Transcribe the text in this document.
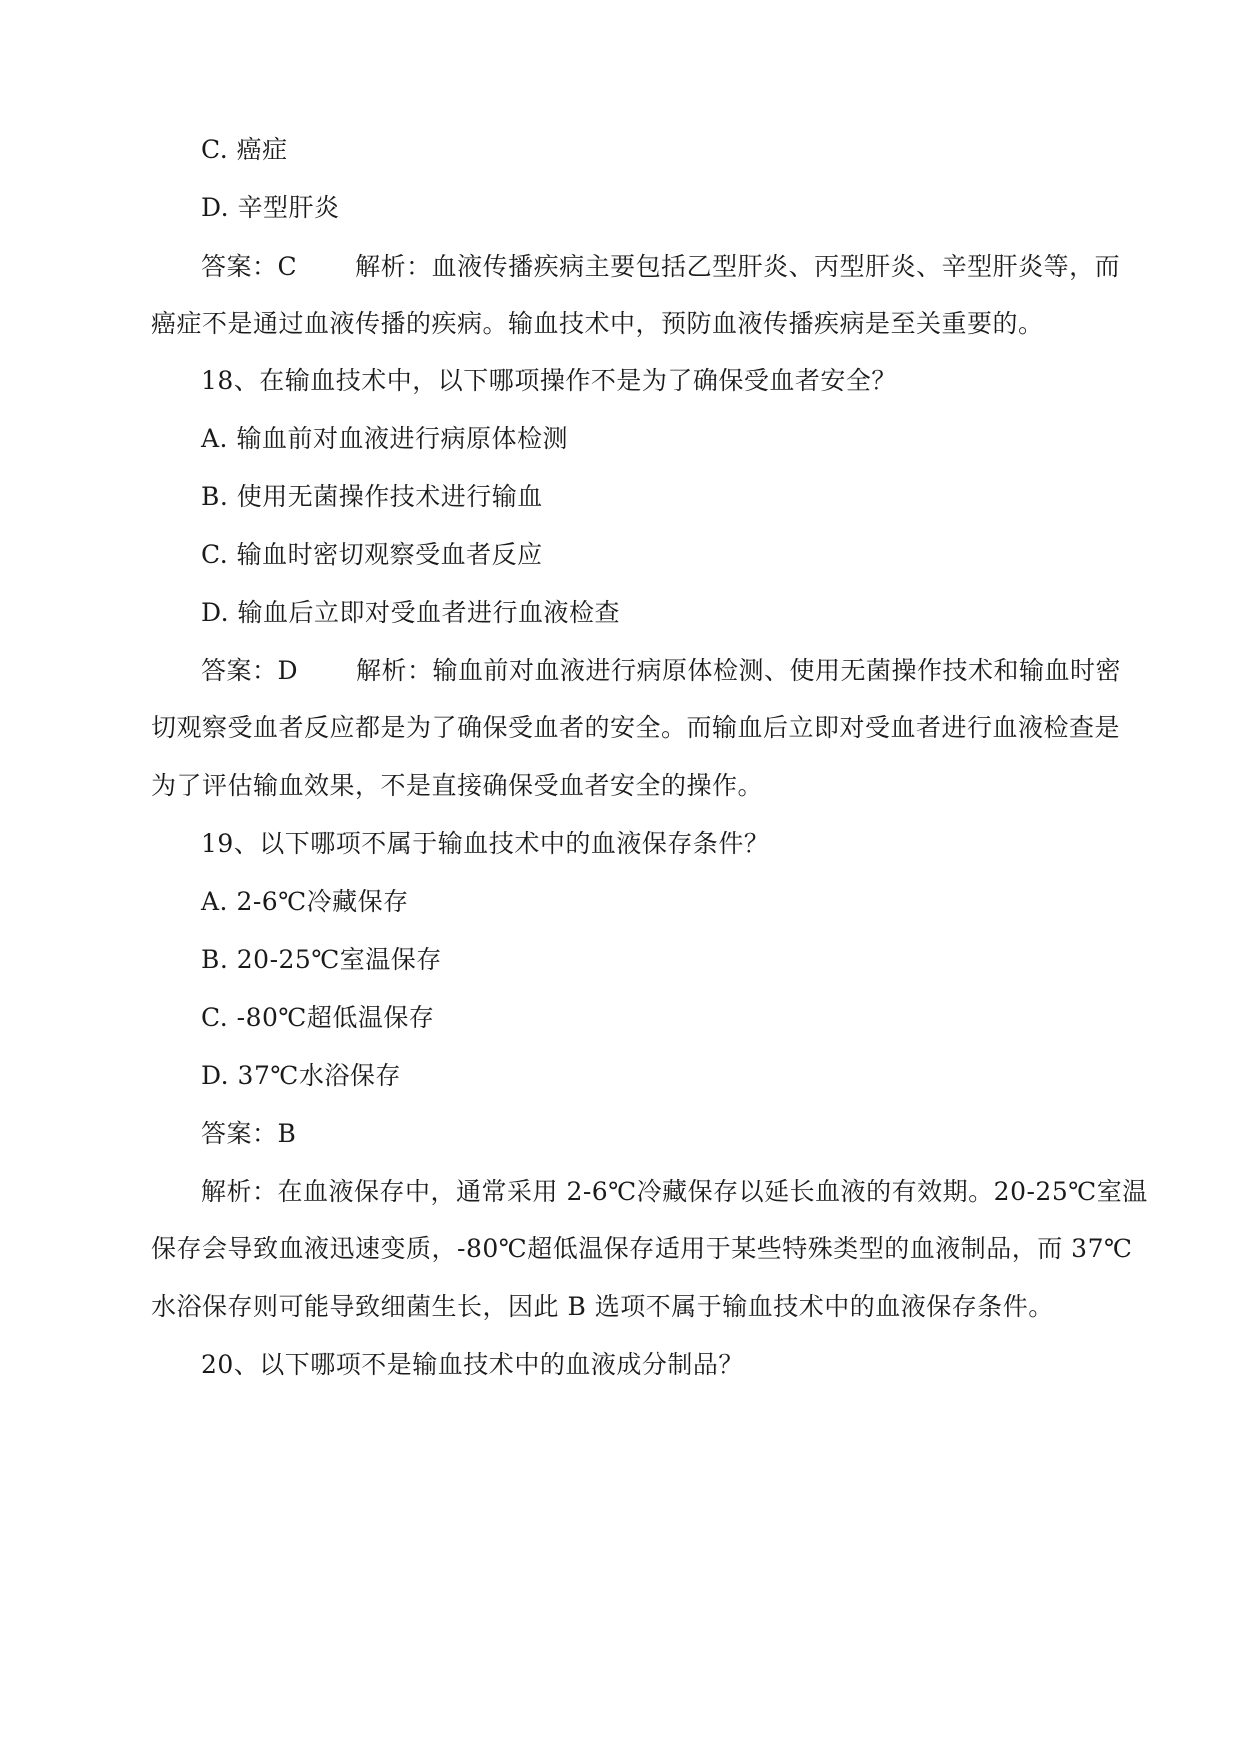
C. 癌症
D. 辛型肝炎
答案：C 解析：血液传播疾病主要包括乙型肝炎、丙型肝炎、辛型肝炎等，而
癌症不是通过血液传播的疾病。输血技术中，预防血液传播疾病是至关重要的。
18、在输血技术中，以下哪项操作不是为了确保受血者安全？
A. 输血前对血液进行病原体检测
B. 使用无菌操作技术进行输血
C. 输血时密切观察受血者反应
D. 输血后立即对受血者进行血液检查
答案：D 解析：输血前对血液进行病原体检测、使用无菌操作技术和输血时密
切观察受血者反应都是为了确保受血者的安全。而输血后立即对受血者进行血液检查是
为了评估输血效果，不是直接确保受血者安全的操作。
19、以下哪项不属于输血技术中的血液保存条件？
A. 2-6℃冷藏保存
B. 20-25℃室温保存
C. -80℃超低温保存
D. 37℃水浴保存
答案：B
解析：在血液保存中，通常采用 2-6℃冷藏保存以延长血液的有效期。20-25℃室温
保存会导致血液迅速变质，-80℃超低温保存适用于某些特殊类型的血液制品，而 37℃
水浴保存则可能导致细菌生长，因此 B 选项不属于输血技术中的血液保存条件。
20、以下哪项不是输血技术中的血液成分制品？
